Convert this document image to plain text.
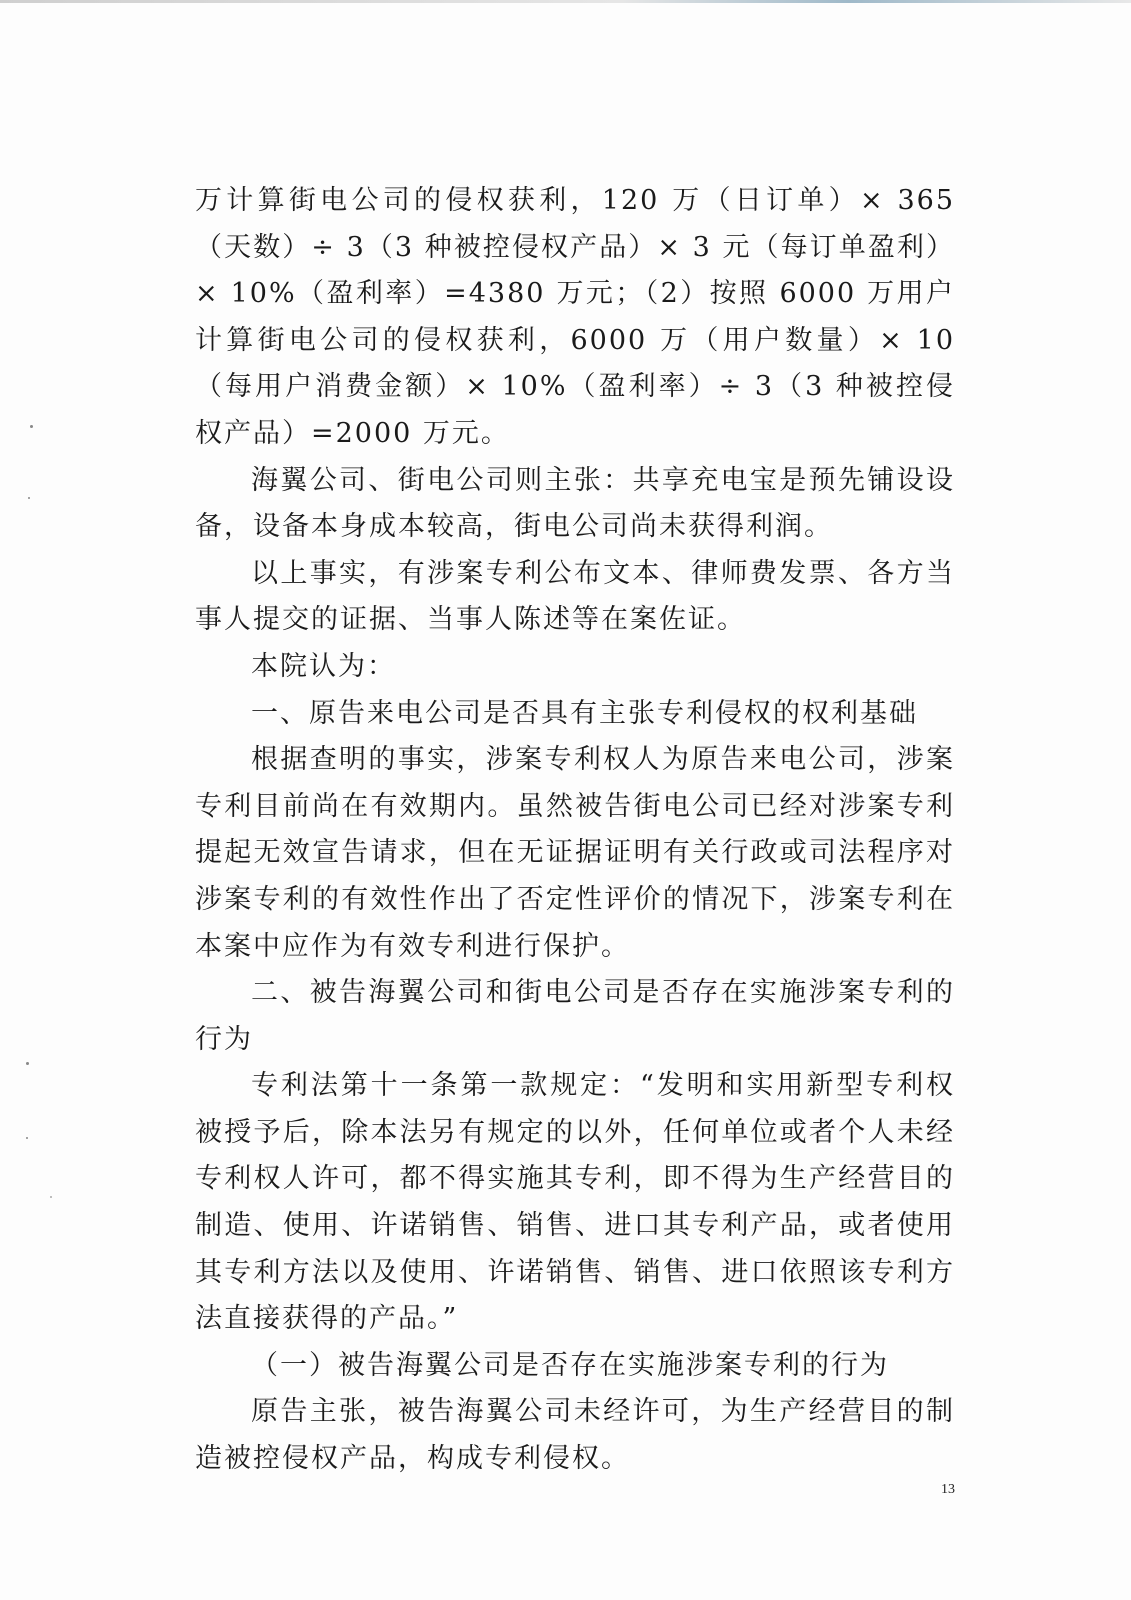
万计算街电公司的侵权获利，120 万（日订单）× 365（天数）÷ 3（3 种被控侵权产品）× 3 元（每订单盈利）× 10%（盈利率）=4380 万元；（2）按照 6000 万用户计算街电公司的侵权获利，6000 万（用户数量）× 10（每用户消费金额）× 10%（盈利率）÷ 3（3 种被控侵权产品）=2000 万元。

海翼公司、街电公司则主张：共享充电宝是预先铺设设备，设备本身成本较高，街电公司尚未获得利润。

以上事实，有涉案专利公布文本、律师费发票、各方当事人提交的证据、当事人陈述等在案佐证。

本院认为：

一、原告来电公司是否具有主张专利侵权的权利基础

根据查明的事实，涉案专利权人为原告来电公司，涉案专利目前尚在有效期内。虽然被告街电公司已经对涉案专利提起无效宣告请求，但在无证据证明有关行政或司法程序对涉案专利的有效性作出了否定性评价的情况下，涉案专利在本案中应作为有效专利进行保护。

二、被告海翼公司和街电公司是否存在实施涉案专利的行为

专利法第十一条第一款规定：“发明和实用新型专利权被授予后，除本法另有规定的以外，任何单位或者个人未经专利权人许可，都不得实施其专利，即不得为生产经营目的制造、使用、许诺销售、销售、进口其专利产品，或者使用其专利方法以及使用、许诺销售、销售、进口依照该专利方法直接获得的产品。”

（一）被告海翼公司是否存在实施涉案专利的行为

原告主张，被告海翼公司未经许可，为生产经营目的制造被控侵权产品，构成专利侵权。

13
